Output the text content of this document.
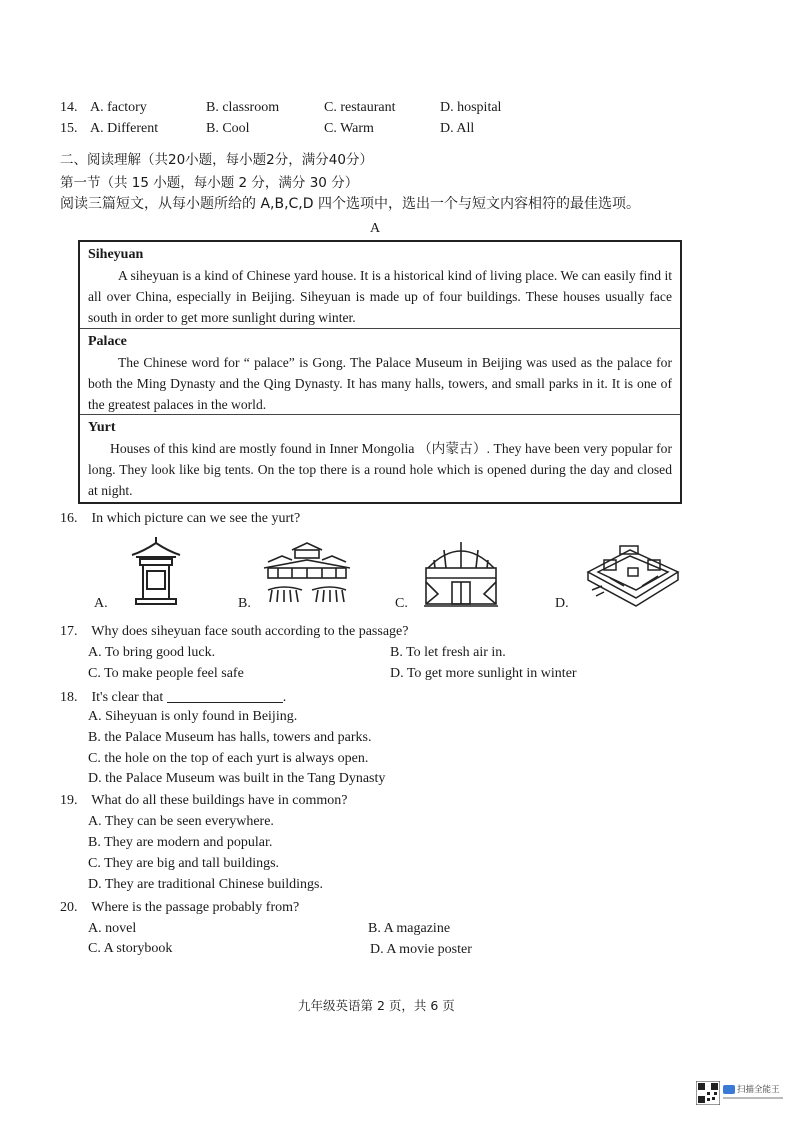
14. A. factory	B. classroom	C. restaurant	D. hospital
15. A. Different	B. Cool	C. Warm	D. All
二、阅读理解（共20小题，每小题2分，满分40分）
第一节（共 15 小题，每小题 2 分，满分 30 分）
阅读三篇短文，从每小题所给的 A,B,C,D 四个选项中，选出一个与短文内容相符的最佳选项。
A
Siheyuan
A siheyuan is a kind of Chinese yard house. It is a historical kind of living place. We can easily find it all over China, especially in Beijing. Siheyuan is made up of four buildings. These houses usually face south in order to get more sunlight during winter.
Palace
The Chinese word for “ palace” is Gong. The Palace Museum in Beijing was used as the palace for both the Ming Dynasty and the Qing Dynasty. It has many halls, towers, and small parks in it. It is one of the greatest palaces in the world.
Yurt
Houses of this kind are mostly found in Inner Mongolia （内蒙古）. They have been very popular for long. They look like big tents. On the top there is a round hole which is opened during the day and closed at night.
16. In which picture can we see the yurt?
A.	B.	C.	D.
17. Why does siheyuan face south according to the passage?
A. To bring good luck.	B. To let fresh air in.
C. To make people feel safe	D. To get more sunlight in winter
18. It's clear that	.
A. Siheyuan is only found in Beijing.
B. the Palace Museum has halls, towers and parks.
C. the hole on the top of each yurt is always open.
D. the Palace Museum was built in the Tang Dynasty
19. What do all these buildings have in common?
A. They can be seen everywhere.
B. They are modern and popular.
C. They are big and tall buildings.
D. They are traditional Chinese buildings.
20. Where is the passage probably from?
A. novel	B. A magazine
C. A storybook	D. A movie poster
九年级英语第 2 页，共 6 页
扫描全能王
